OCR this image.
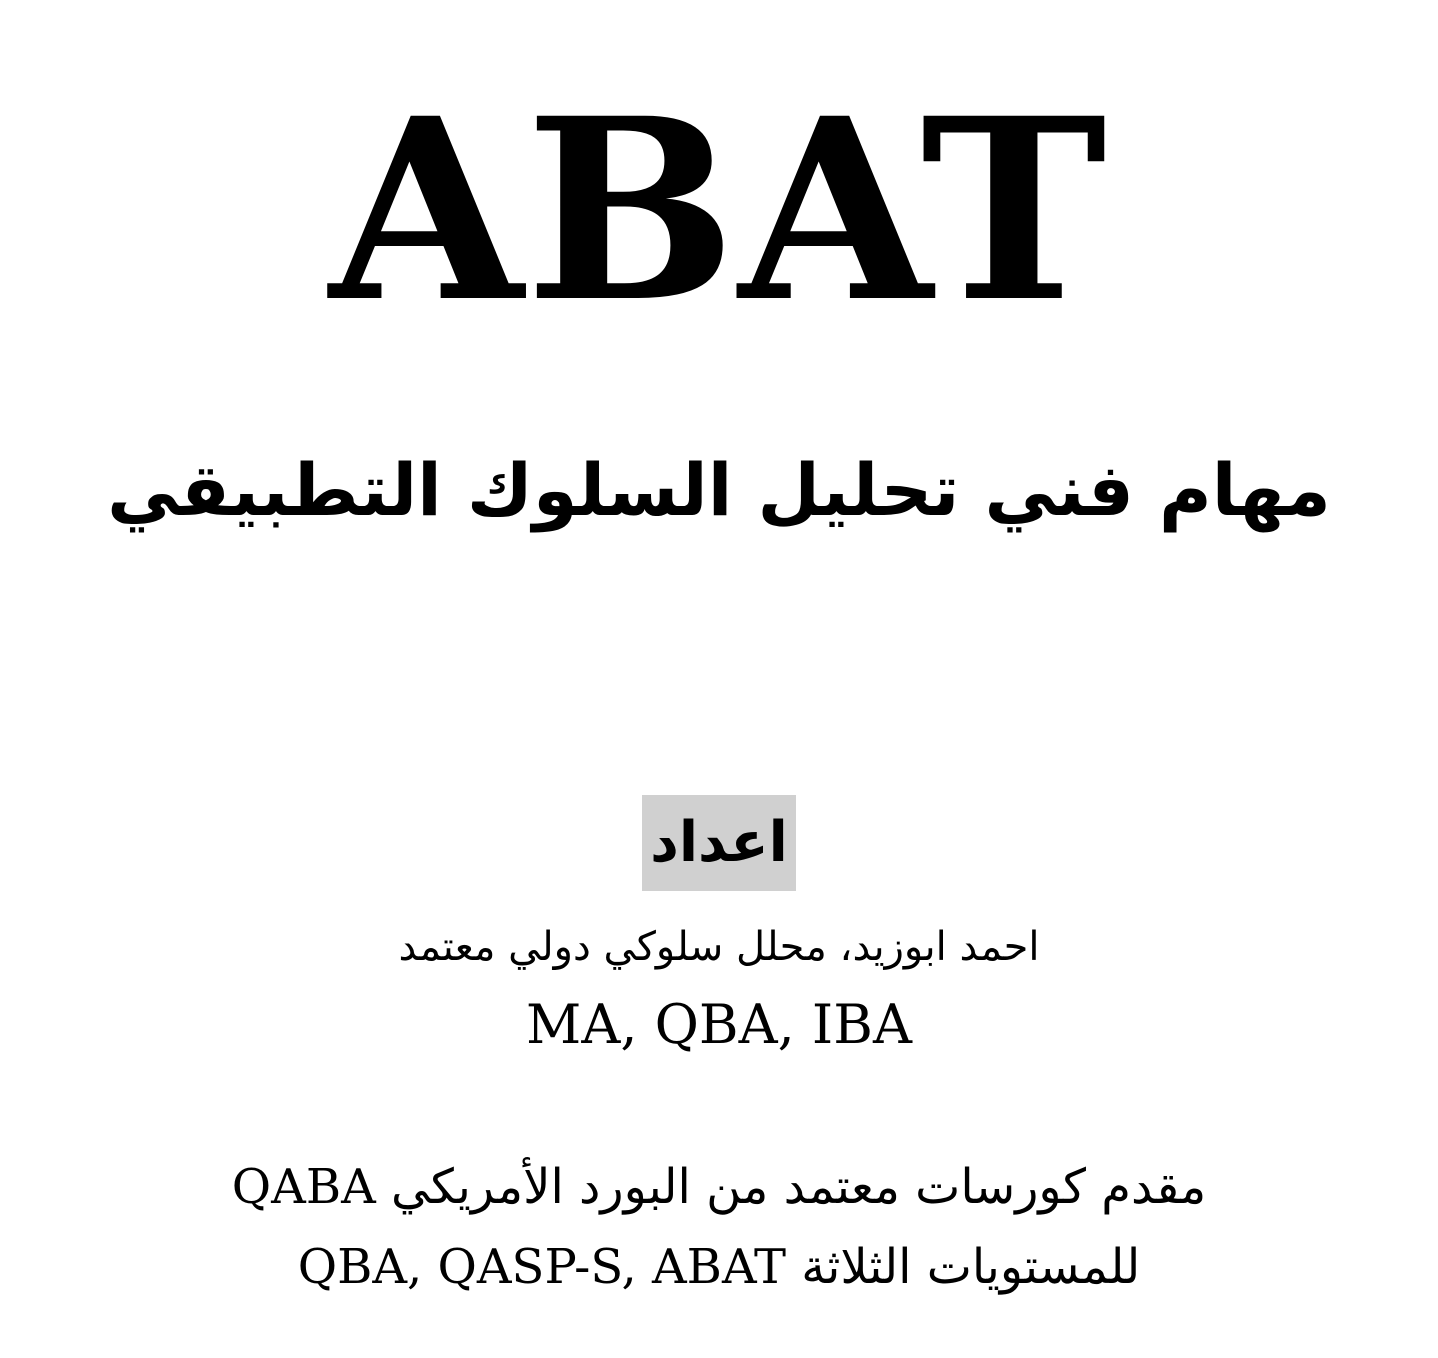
ABAT
مهام فني تحليل السلوك التطبيقي
اعداد
احمد ابوزيد، محلل سلوكي دولي معتمد
MA, QBA, IBA
مقدم كورسات معتمد من البورد الأمريكي QABA
للمستويات الثلاثة QBA, QASP-S, ABAT
